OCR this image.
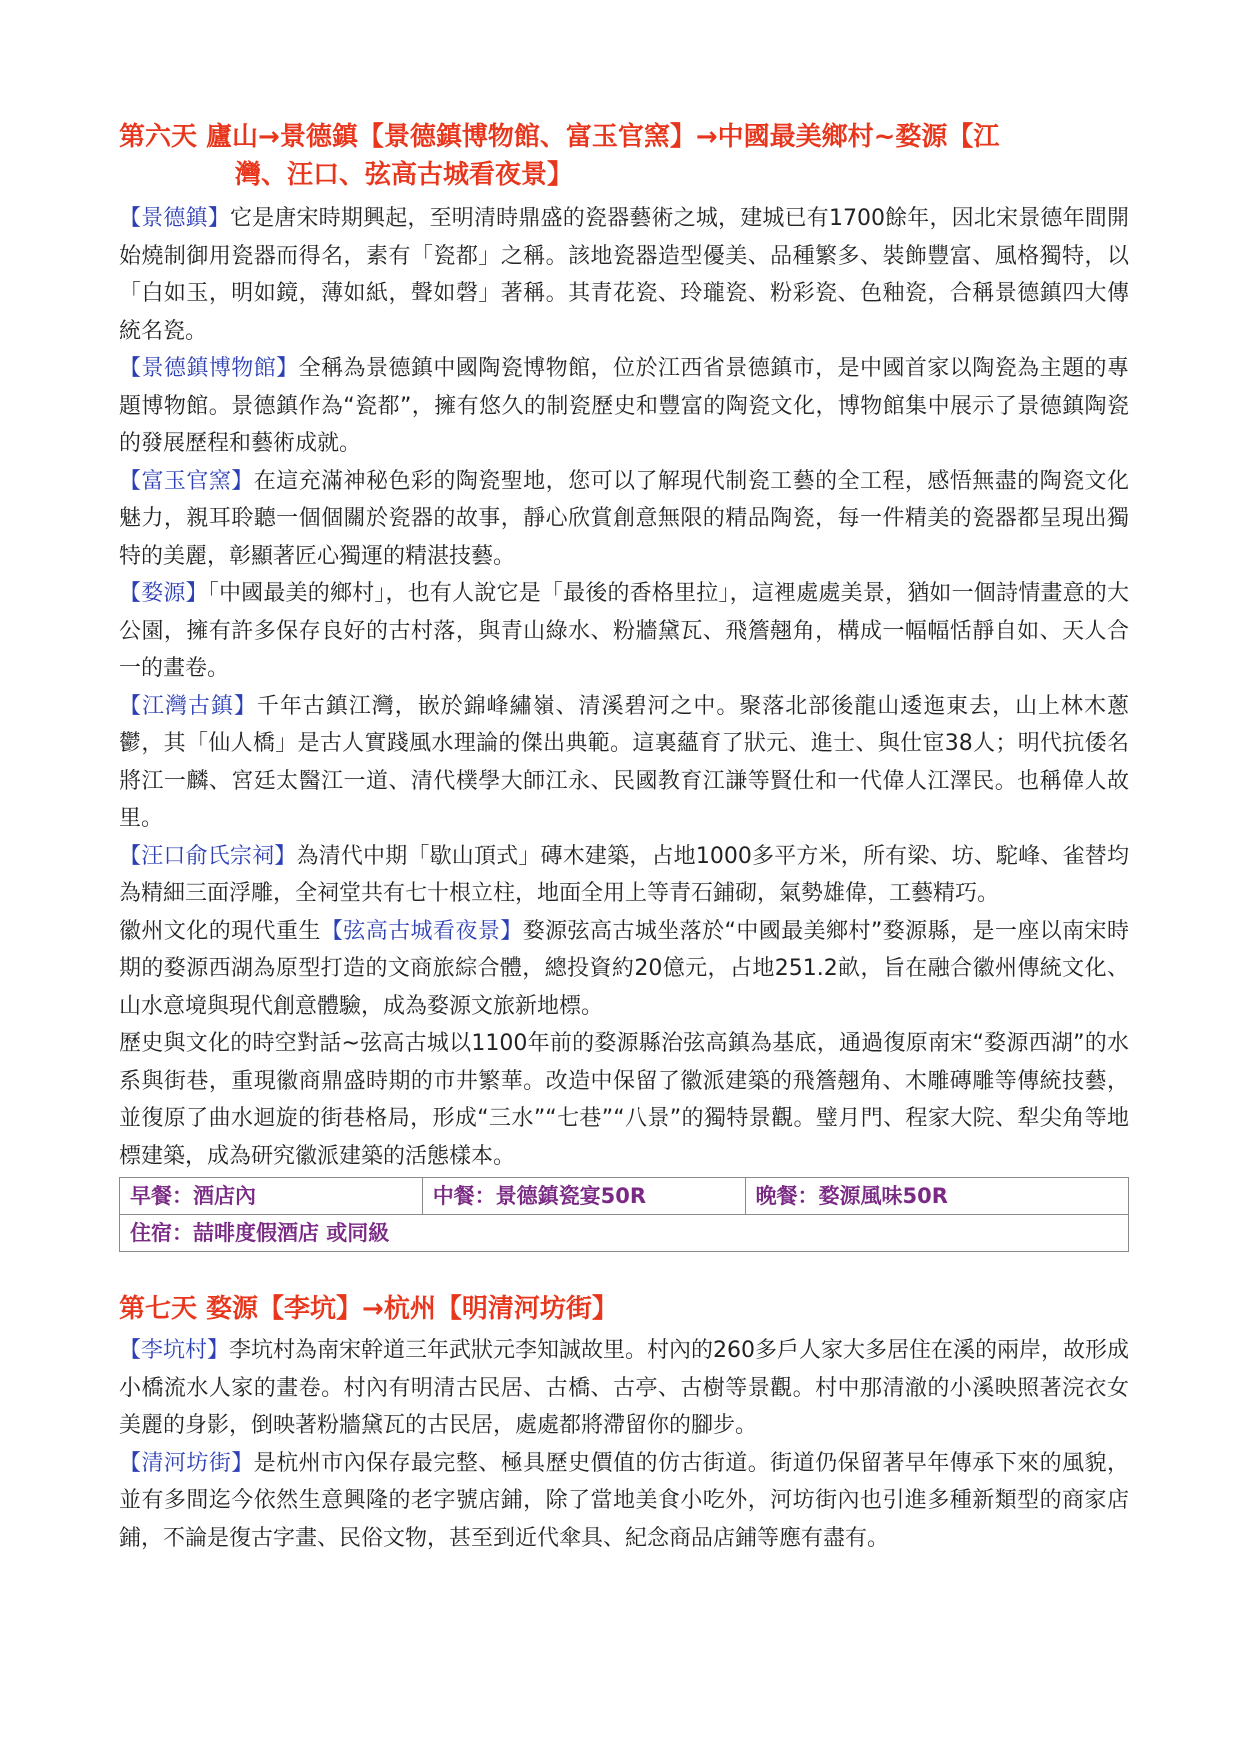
第六天 廬山→景德鎮【景德鎮博物館、富玉官窯】→中國最美鄉村~婺源【江
灣、汪口、弦高古城看夜景】

【景德鎮】它是唐宋時期興起，至明清時鼎盛的瓷器藝術之城，建城已有1700餘年，因北宋景德年間開始燒制御用瓷器而得名，素有「瓷都」之稱。該地瓷器造型優美、品種繁多、裝飾豐富、風格獨特，以「白如玉，明如鏡，薄如紙，聲如磬」著稱。其青花瓷、玲瓏瓷、粉彩瓷、色釉瓷，合稱景德鎮四大傳統名瓷。

【景德鎮博物館】全稱為景德鎮中國陶瓷博物館，位於江西省景德鎮市，是中國首家以陶瓷為主題的專題博物館。景德鎮作為“瓷都”，擁有悠久的制瓷歷史和豐富的陶瓷文化，博物館集中展示了景德鎮陶瓷的發展歷程和藝術成就。

【富玉官窯】在這充滿神秘色彩的陶瓷聖地，您可以了解現代制瓷工藝的全工程，感悟無盡的陶瓷文化魅力，親耳聆聽一個個關於瓷器的故事，靜心欣賞創意無限的精品陶瓷，每一件精美的瓷器都呈現出獨特的美麗，彰顯著匠心獨運的精湛技藝。

【婺源】「中國最美的鄉村」，也有人說它是「最後的香格里拉」，這裡處處美景，猶如一個詩情畫意的大公園，擁有許多保存良好的古村落，與青山綠水、粉牆黛瓦、飛簷翹角，構成一幅幅恬靜自如、天人合一的畫卷。

【江灣古鎮】千年古鎮江灣，嵌於錦峰繡嶺、清溪碧河之中。聚落北部後龍山逶迤東去，山上林木蔥鬱，其「仙人橋」是古人實踐風水理論的傑出典範。這裏蘊育了狀元、進士、與仕宦38人；明代抗倭名將江一麟、宮廷太醫江一道、清代樸學大師江永、民國教育江謙等賢仕和一代偉人江澤民。也稱偉人故里。

【汪口俞氏宗祠】為清代中期「歇山頂式」磚木建築，占地1000多平方米，所有梁、坊、駝峰、雀替均為精細三面浮雕，全祠堂共有七十根立柱，地面全用上等青石鋪砌，氣勢雄偉，工藝精巧。

徽州文化的現代重生【弦高古城看夜景】婺源弦高古城坐落於“中國最美鄉村”婺源縣，是一座以南宋時期的婺源西湖為原型打造的文商旅綜合體，總投資約20億元，占地251.2畝，旨在融合徽州傳統文化、山水意境與現代創意體驗，成為婺源文旅新地標。

歷史與文化的時空對話~弦高古城以1100年前的婺源縣治弦高鎮為基底，通過復原南宋“婺源西湖”的水系與街巷，重現徽商鼎盛時期的市井繁華。改造中保留了徽派建築的飛簷翹角、木雕磚雕等傳統技藝，並復原了曲水迴旋的街巷格局，形成“三水”“七巷”“八景”的獨特景觀。璧月門、程家大院、犁尖角等地標建築，成為研究徽派建築的活態樣本。

早餐：酒店內	中餐：景德鎮瓷宴50R	晚餐：婺源風味50R
住宿：喆啡度假酒店 或同級
第七天 婺源【李坑】→杭州【明清河坊街】

【李坑村】李坑村為南宋幹道三年武狀元李知誠故里。村內的260多戶人家大多居住在溪的兩岸，故形成小橋流水人家的畫卷。村內有明清古民居、古橋、古亭、古樹等景觀。村中那清澈的小溪映照著浣衣女美麗的身影，倒映著粉牆黛瓦的古民居，處處都將滯留你的腳步。

【清河坊街】是杭州市內保存最完整、極具歷史價值的仿古街道。街道仍保留著早年傳承下來的風貌，並有多間迄今依然生意興隆的老字號店鋪，除了當地美食小吃外，河坊街內也引進多種新類型的商家店鋪，不論是復古字畫、民俗文物，甚至到近代傘具、紀念商品店鋪等應有盡有。
